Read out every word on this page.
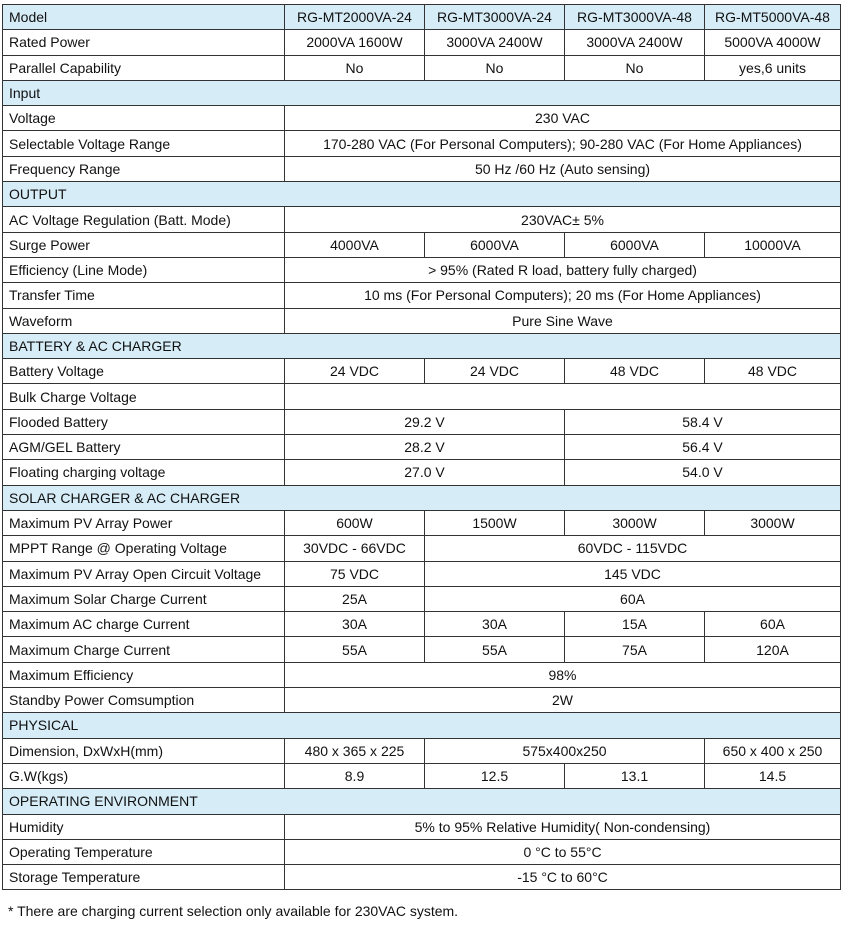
Model	RG-MT2000VA-24	RG-MT3000VA-24	RG-MT3000VA-48	RG-MT5000VA-48
Rated Power	2000VA 1600W	3000VA 2400W	3000VA 2400W	5000VA 4000W
Parallel Capability	No	No	No	yes,6 units
Input				
Voltage	230 VAC			
Selectable Voltage Range	170-280 VAC (For Personal Computers); 90-280 VAC (For Home Appliances)			
Frequency Range	50 Hz /60 Hz (Auto sensing)			
OUTPUT				
AC Voltage Regulation (Batt. Mode)	230VAC± 5%			
Surge Power	4000VA	6000VA	6000VA	10000VA
Efficiency (Line Mode)	> 95% (Rated R load, battery fully charged)			
Transfer Time	10 ms (For Personal Computers); 20 ms (For Home Appliances)			
Waveform	Pure Sine Wave			
BATTERY & AC CHARGER				
Battery Voltage	24 VDC	24 VDC	48 VDC	48 VDC
Bulk Charge Voltage				
Flooded Battery	29.2 V		58.4 V	
AGM/GEL Battery	28.2 V		56.4 V	
Floating charging voltage	27.0 V		54.0 V	
SOLAR CHARGER & AC CHARGER				
Maximum PV Array Power	600W	1500W	3000W	3000W
MPPT Range @ Operating Voltage	30VDC - 66VDC	60VDC - 115VDC		
Maximum PV Array Open Circuit Voltage	75 VDC	145 VDC		
Maximum Solar Charge Current	25A	60A		
Maximum AC charge Current	30A	30A	15A	60A
Maximum Charge Current	55A	55A	75A	120A
Maximum Efficiency	98%			
Standby Power Comsumption	2W			
PHYSICAL				
Dimension, DxWxH(mm)	480 x 365 x 225	575x400x250		650 x 400 x 250
G.W(kgs)	8.9	12.5	13.1	14.5
OPERATING ENVIRONMENT				
Humidity	5% to 95% Relative Humidity( Non-condensing)			
Operating Temperature	0 °C to 55°C			
Storage Temperature	-15 °C to 60°C			
* There are charging current selection only available for 230VAC system.
